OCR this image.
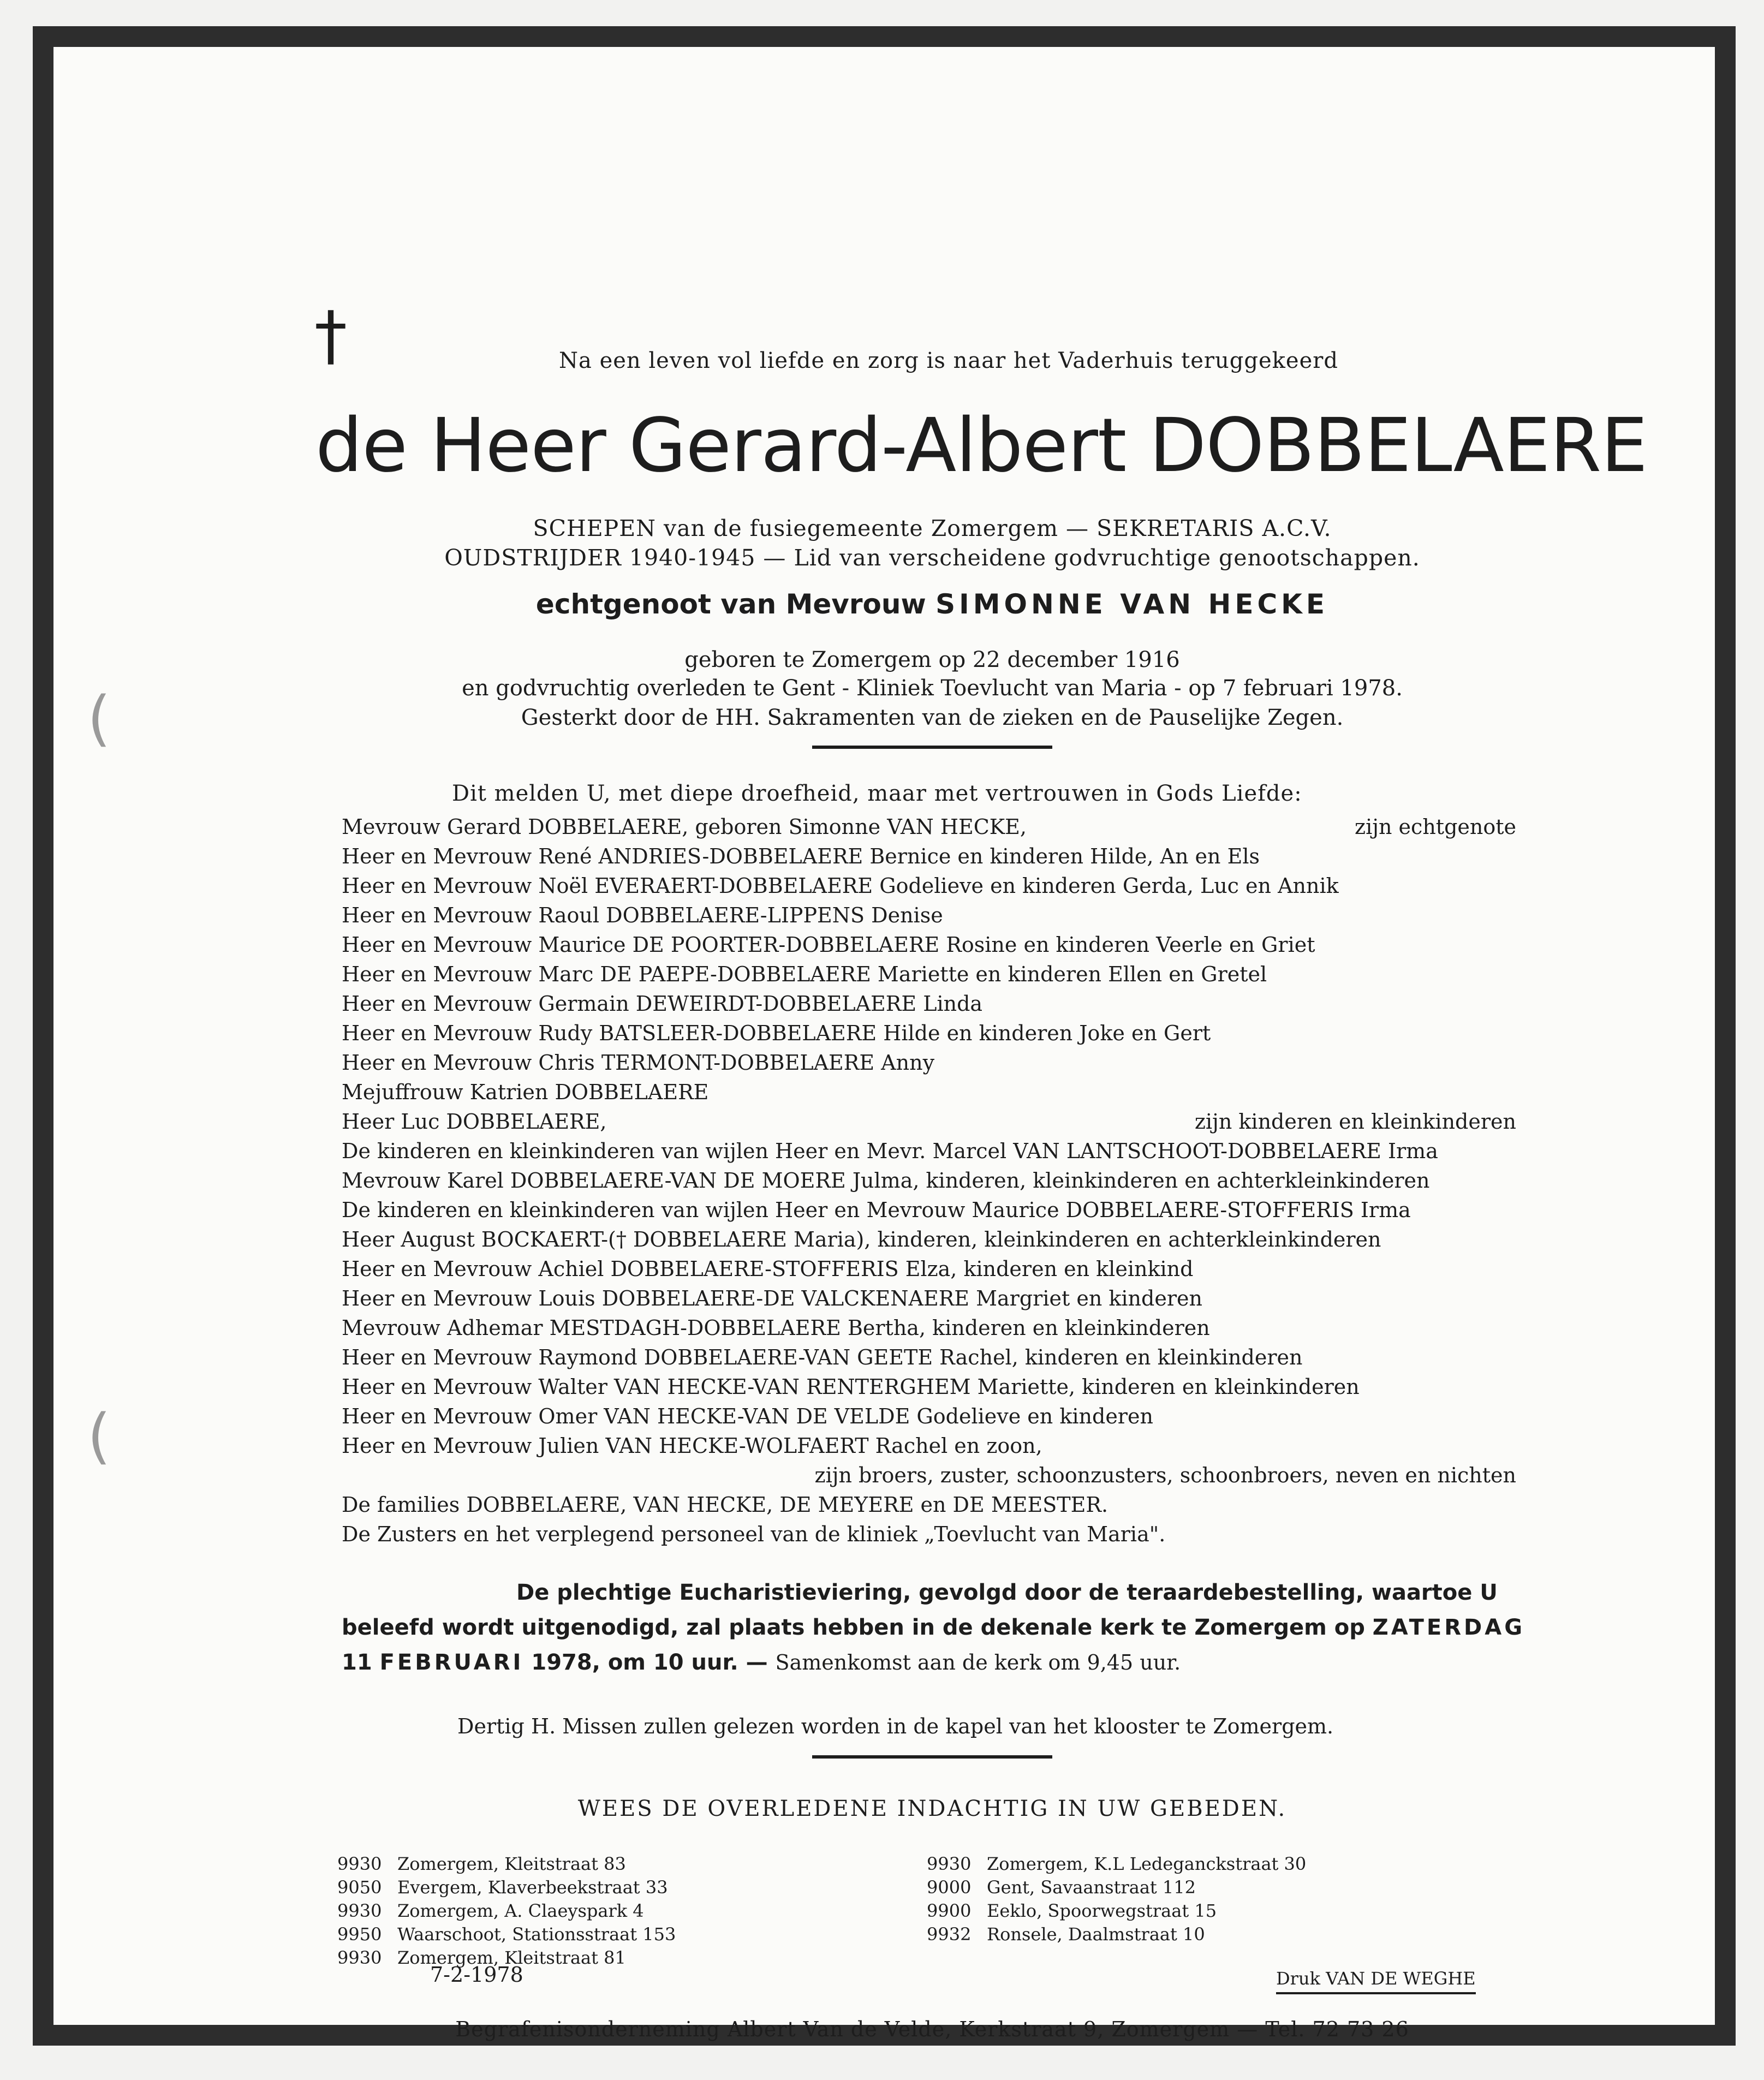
(
(
†	Na een leven vol liefde en zorg is naar het Vaderhuis teruggekeerd
de Heer Gerard-Albert DOBBELAERE
SCHEPEN van de fusiegemeente Zomergem — SEKRETARIS A.C.V.
OUDSTRIJDER 1940-1945 — Lid van verscheidene godvruchtige genootschappen.
echtgenoot van Mevrouw SIMONNE VAN HECKE
geboren te Zomergem op 22 december 1916
en godvruchtig overleden te Gent - Kliniek Toevlucht van Maria - op 7 februari 1978.
Gesterkt door de HH. Sakramenten van de zieken en de Pauselijke Zegen.
Dit melden U, met diepe droefheid, maar met vertrouwen in Gods Liefde:
Mevrouw Gerard DOBBELAERE, geboren Simonne VAN HECKE,	zijn echtgenote
Heer en Mevrouw René ANDRIES-DOBBELAERE Bernice en kinderen Hilde, An en Els
Heer en Mevrouw Noël EVERAERT-DOBBELAERE Godelieve en kinderen Gerda, Luc en Annik
Heer en Mevrouw Raoul DOBBELAERE-LIPPENS Denise
Heer en Mevrouw Maurice DE POORTER-DOBBELAERE Rosine en kinderen Veerle en Griet
Heer en Mevrouw Marc DE PAEPE-DOBBELAERE Mariette en kinderen Ellen en Gretel
Heer en Mevrouw Germain DEWEIRDT-DOBBELAERE Linda
Heer en Mevrouw Rudy BATSLEER-DOBBELAERE Hilde en kinderen Joke en Gert
Heer en Mevrouw Chris TERMONT-DOBBELAERE Anny
Mejuffrouw Katrien DOBBELAERE
Heer Luc DOBBELAERE,	zijn kinderen en kleinkinderen
De kinderen en kleinkinderen van wijlen Heer en Mevr. Marcel VAN LANTSCHOOT-DOBBELAERE Irma
Mevrouw Karel DOBBELAERE-VAN DE MOERE Julma, kinderen, kleinkinderen en achterkleinkinderen
De kinderen en kleinkinderen van wijlen Heer en Mevrouw Maurice DOBBELAERE-STOFFERIS Irma
Heer August BOCKAERT-(† DOBBELAERE Maria), kinderen, kleinkinderen en achterkleinkinderen
Heer en Mevrouw Achiel DOBBELAERE-STOFFERIS Elza, kinderen en kleinkind
Heer en Mevrouw Louis DOBBELAERE-DE VALCKENAERE Margriet en kinderen
Mevrouw Adhemar MESTDAGH-DOBBELAERE Bertha, kinderen en kleinkinderen
Heer en Mevrouw Raymond DOBBELAERE-VAN GEETE Rachel, kinderen en kleinkinderen
Heer en Mevrouw Walter VAN HECKE-VAN RENTERGHEM Mariette, kinderen en kleinkinderen
Heer en Mevrouw Omer VAN HECKE-VAN DE VELDE Godelieve en kinderen
Heer en Mevrouw Julien VAN HECKE-WOLFAERT Rachel en zoon,
zijn broers, zuster, schoonzusters, schoonbroers, neven en nichten
De families DOBBELAERE, VAN HECKE, DE MEYERE en DE MEESTER.
De Zusters en het verplegend personeel van de kliniek „Toevlucht van Maria".
De plechtige Eucharistieviering, gevolgd door de teraardebestelling, waartoe U
beleefd wordt uitgenodigd, zal plaats hebben in de dekenale kerk te Zomergem op ZATERDAG
11 FEBRUARI 1978, om 10 uur. — Samenkomst aan de kerk om 9,45 uur.
Dertig H. Missen zullen gelezen worden in de kapel van het klooster te Zomergem.
WEES DE OVERLEDENE INDACHTIG IN UW GEBEDEN.
9930 Zomergem, Kleitstraat 83
9050 Evergem, Klaverbeekstraat 33
9930 Zomergem, A. Claeyspark 4
9950 Waarschoot, Stationsstraat 153
9930 Zomergem, Kleitstraat 81
9930 Zomergem, K.L Ledeganckstraat 30
9000 Gent, Savaanstraat 112
9900 Eeklo, Spoorwegstraat 15
9932 Ronsele, Daalmstraat 10
7-2-1978	Druk VAN DE WEGHE
Begrafenisonderneming Albert Van de Velde, Kerkstraat 9, Zomergem — Tel. 72 73 26
